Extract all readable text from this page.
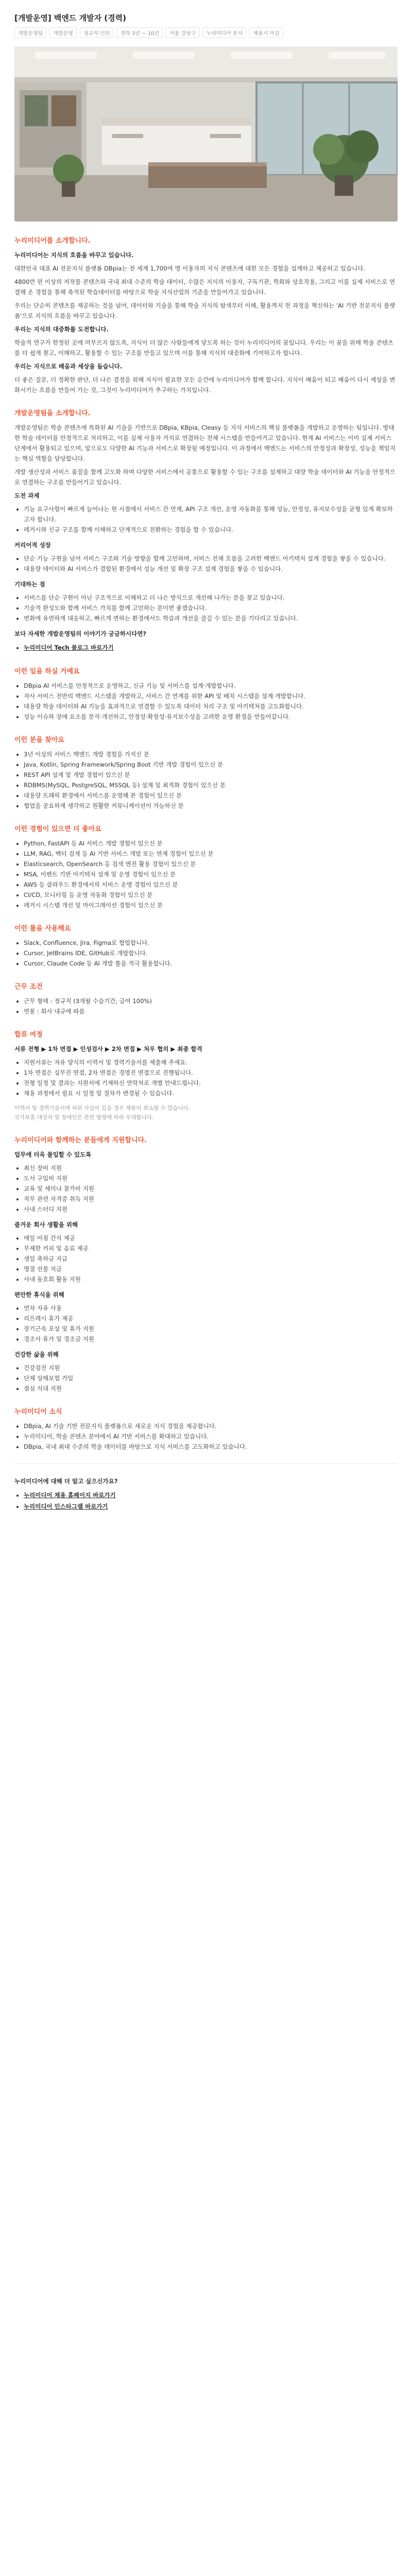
[개발운영] 백엔드 개발자 (경력)
개발운영팀	개발운영	정규직·인턴	경력 3년 ~ 10년	서울 강남구	누리미디어 본사	채용시 마감
누리미디어를 소개합니다.
누리미디어는 지식의 흐름을 바꾸고 있습니다.
대한민국 대표 AI 전문지식 플랫폼 DBpia는 전 세계 1,700여 명 이용자의 지식 콘텐츠에 대한 모든 경험을 설계하고 제공하고 있습니다.
4800만 편 이상의 저작물 콘텐츠와 국내 최대 수준의 학술 데이터, 수많은 지식의 이용자, 구독기관, 학회와 상호작용, 그리고 이를 실제 서비스로 연결해 온 경험을 통해 축적된 학습데이터를 바탕으로 학술 지식산업의 기준을 만들어가고 있습니다.
우리는 단순히 콘텐츠를 제공하는 것을 넘어, 데이터와 기술을 통해 학술 지식의 탐색부터 이해, 활용까지 전 과정을 혁신하는 'AI 기반 전문지식 플랫폼'으로 지식의 흐름을 바꾸고 있습니다.
우리는 지식의 대중화를 도전합니다.
학술적 연구가 한정된 곳에 머무르지 않도록, 지식이 더 많은 사람들에게 닿도록 하는 것이 누리미디어의 꿈입니다. 우리는 이 꿈을 위해 학술 콘텐츠를 더 쉽게 찾고, 이해하고, 활용할 수 있는 구조를 만들고 있으며 이를 통해 지식의 대중화에 기여하고자 합니다.
우리는 지식으로 배움과 세상을 돕습니다.
더 좋은 질문, 더 정확한 판단, 더 나은 결정을 위해 지식이 필요한 모든 순간에 누리미디어가 함께 합니다. 지식이 배움이 되고 배움이 다시 세상을 변화시키는 흐름을 만들어 가는 것, 그것이 누리미디어가 추구하는 가치입니다.
개발운영팀을 소개합니다.
개발운영팀은 학술 콘텐츠에 특화된 AI 기술을 기반으로 DBpia, KBpia, Cleasy 등 지식 서비스의 핵심 플랫폼을 개발하고 운영하는 팀입니다. 방대한 학술 데이터를 안정적으로 처리하고, 이를 실제 사용자 가치로 연결하는 전체 시스템을 만들어가고 있습니다. 현재 AI 서비스는 이미 실제 서비스 단계에서 활용되고 있으며, 앞으로도 다양한 AI 기능과 서비스로 확장될 예정입니다. 이 과정에서 백엔드는 서비스의 안정성과 확장성, 성능을 책임지는 핵심 역할을 담당합니다.
개발 생산성과 서비스 품질을 함께 고도화 하며 다양한 서비스에서 공통으로 활용할 수 있는 구조를 설계하고 대량 학술 데이터와 AI 기능을 안정적으로 연결하는 구조를 만들어가고 있습니다.
도전 과제
• 기능 요구사항이 빠르게 늘어나는 현 시점에서 서비스 간 연계, API 구조 개선, 운영 자동화를 통해 성능, 안정성, 유지보수성을 균형 있게 확보하고자 합니다.
• 레거시와 신규 구조를 함께 이해하고 단계적으로 전환하는 경험을 할 수 있습니다.
커리어적 성장
• 단순 기능 구현을 넘어 서비스 구조와 기술 방향을 함께 고민하며, 서비스 전체 흐름을 고려한 백엔드 아키텍처 설계 경험을 쌓을 수 있습니다.
• 대용량 데이터와 AI 서비스가 결합된 환경에서 성능 개선 및 확장 구조 설계 경험을 쌓을 수 있습니다.
기대하는 점
• 서비스를 단순 구현이 아닌 구조적으로 이해하고 더 나은 방식으로 개선해 나가는 분을 찾고 있습니다.
• 기술적 완성도와 함께 서비스 가치를 함께 고민하는 분이면 좋겠습니다.
• 변화에 유연하게 대응하고, 빠르게 변하는 환경에서도 학습과 개선을 즐길 수 있는 분을 기다리고 있습니다.
보다 자세한 개발운영팀의 이야기가 궁금하시다면?
• 누리미디어 Tech 블로그 바로가기
이런 일을 하실 거예요
• DBpia AI 서비스를 안정적으로 운영하고, 신규 기능 및 서비스를 설계·개발합니다.
• 자사 서비스 전반의 백엔드 시스템을 개발하고, 서비스 간 연계를 위한 API 및 배치 시스템을 설계·개발합니다.
• 대용량 학술 데이터와 AI 기능을 효과적으로 연결할 수 있도록 데이터 처리 구조 및 아키텍처를 고도화합니다.
• 성능 이슈와 장애 요소를 분석·개선하고, 안정성·확장성·유지보수성을 고려한 운영 환경을 만들어갑니다.
이런 분을 찾아요
• 3년 이상의 서비스 백엔드 개발 경험을 가지신 분
• Java, Kotlin, Spring Framework/Spring Boot 기반 개발 경험이 있으신 분
• REST API 설계 및 개발 경험이 있으신 분
• RDBMS(MySQL, PostgreSQL, MSSQL 등) 설계 및 최적화 경험이 있으신 분
• 대용량 트래픽 환경에서 서비스를 운영해 본 경험이 있으신 분
• 협업을 중요하게 생각하고 원활한 커뮤니케이션이 가능하신 분
이런 경험이 있으면 더 좋아요
• Python, FastAPI 등 AI 서비스 개발 경험이 있으신 분
• LLM, RAG, 벡터 검색 등 AI 기반 서비스 개발 또는 연계 경험이 있으신 분
• Elasticsearch, OpenSearch 등 검색 엔진 활용 경험이 있으신 분
• MSA, 이벤트 기반 아키텍처 설계 및 운영 경험이 있으신 분
• AWS 등 클라우드 환경에서의 서비스 운영 경험이 있으신 분
• CI/CD, 모니터링 등 운영 자동화 경험이 있으신 분
• 레거시 시스템 개선 및 마이그레이션 경험이 있으신 분
이런 툴을 사용해요
• Slack, Confluence, Jira, Figma로 협업합니다.
• Cursor, JetBrains IDE, GitHub로 개발합니다.
• Cursor, Claude Code 등 AI 개발 툴을 적극 활용합니다.
근무 조건
• 근무 형태 : 정규직 (3개월 수습기간, 급여 100%)
• 연봉 : 회사 내규에 따름
합류 여정
서류 전형 ▶ 1차 면접 ▶ 인성검사 ▶ 2차 면접 ▶ 처우 협의 ▶ 최종 합격
• 지원서류는 자유 양식의 이력서 및 경력기술서를 제출해 주세요.
• 1차 면접은 실무진 면접, 2차 면접은 경영진 면접으로 진행됩니다.
• 전형 일정 및 결과는 지원서에 기재하신 연락처로 개별 안내드립니다.
• 채용 과정에서 필요 시 일정 및 절차가 변경될 수 있습니다.
이력서 및 경력기술서에 허위 사실이 있을 경우 채용이 취소될 수 있습니다.
국가보훈 대상자 및 장애인은 관련 법령에 따라 우대합니다.
누리미디어와 함께하는 분들에게 지원합니다.
업무에 더욱 몰입할 수 있도록
• 최신 장비 지원
• 도서 구입비 지원
• 교육 및 세미나 참가비 지원
• 직무 관련 자격증 취득 지원
• 사내 스터디 지원
즐거운 회사 생활을 위해
• 매일 아침 간식 제공
• 무제한 커피 및 음료 제공
• 생일 축하금 지급
• 명절 선물 지급
• 사내 동호회 활동 지원
편안한 휴식을 위해
• 연차 자유 사용
• 리프레시 휴가 제공
• 장기근속 포상 및 휴가 지원
• 경조사 휴가 및 경조금 지원
건강한 삶을 위해
• 건강검진 지원
• 단체 상해보험 가입
• 점심 식대 지원
누리미디어 소식
• DBpia, AI 기술 기반 전문지식 플랫폼으로 새로운 지식 경험을 제공합니다.
• 누리미디어, 학술 콘텐츠 분야에서 AI 기반 서비스를 확대하고 있습니다.
• DBpia, 국내 최대 수준의 학술 데이터를 바탕으로 지식 서비스를 고도화하고 있습니다.
누리미디어에 대해 더 알고 싶으신가요?
• 누리미디어 채용 홈페이지 바로가기
• 누리미디어 인스타그램 바로가기
